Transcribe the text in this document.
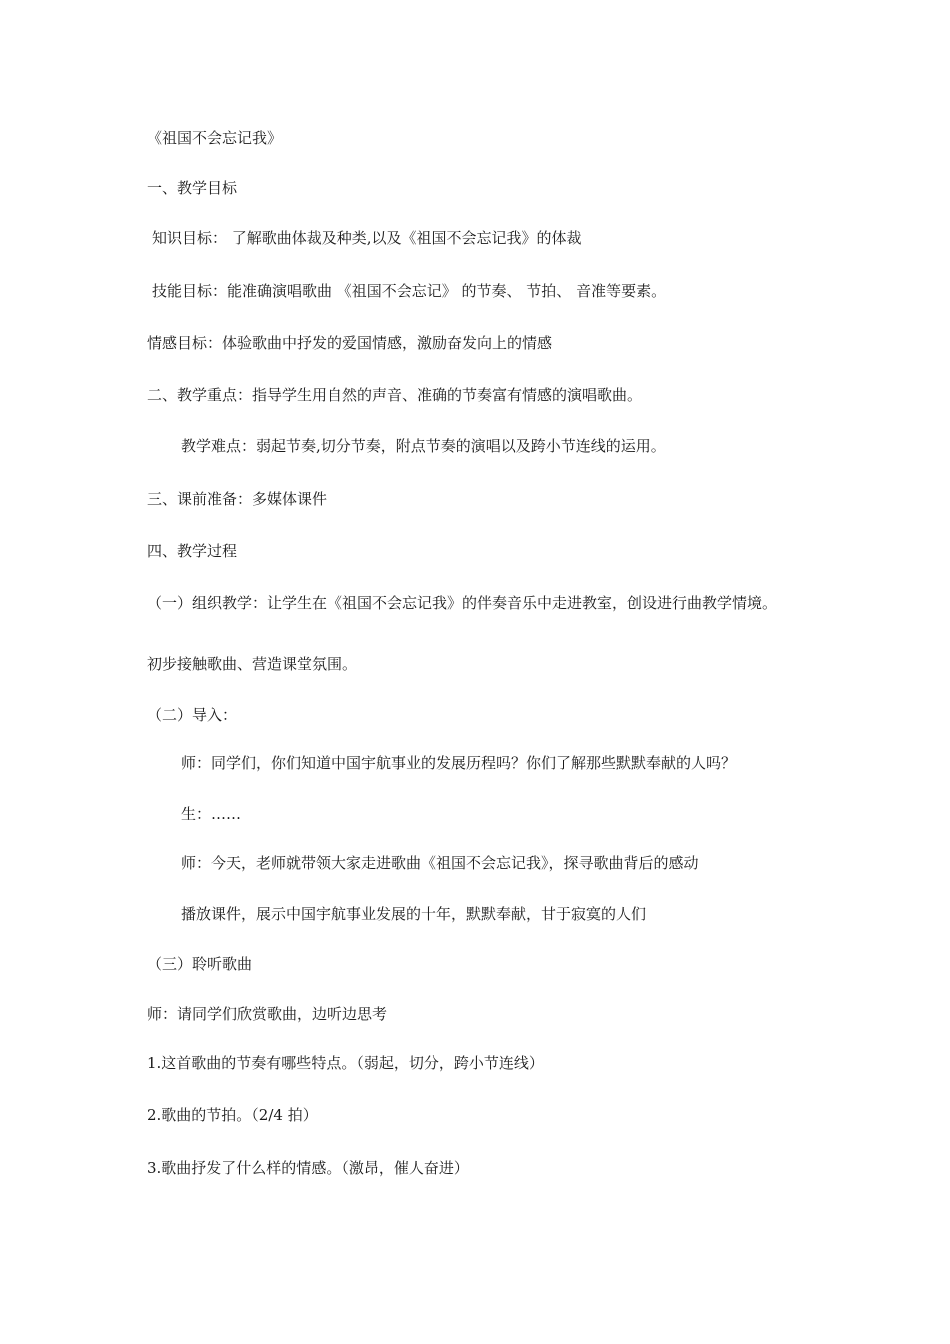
《祖国不会忘记我》
一、教学目标
知识目标： 了解歌曲体裁及种类,以及《祖国不会忘记我》的体裁
技能目标：能准确演唱歌曲 《祖国不会忘记》 的节奏、 节拍、 音准等要素。
情感目标：体验歌曲中抒发的爱国情感，激励奋发向上的情感
二、教学重点：指导学生用自然的声音、准确的节奏富有情感的演唱歌曲。
教学难点：弱起节奏,切分节奏，附点节奏的演唱以及跨小节连线的运用。
三、课前准备：多媒体课件
四、教学过程
（一）组织教学：让学生在《祖国不会忘记我》的伴奏音乐中走进教室，创设进行曲教学情境。
初步接触歌曲、营造课堂氛围。
（二）导入：
师：同学们，你们知道中国宇航事业的发展历程吗？你们了解那些默默奉献的人吗？
生：……
师：今天，老师就带领大家走进歌曲《祖国不会忘记我》，探寻歌曲背后的感动
播放课件，展示中国宇航事业发展的十年，默默奉献，甘于寂寞的人们
（三）聆听歌曲
师：请同学们欣赏歌曲，边听边思考
1.这首歌曲的节奏有哪些特点。（弱起，切分，跨小节连线）
2.歌曲的节拍。（2/4 拍）
3.歌曲抒发了什么样的情感。（激昂，催人奋进）
